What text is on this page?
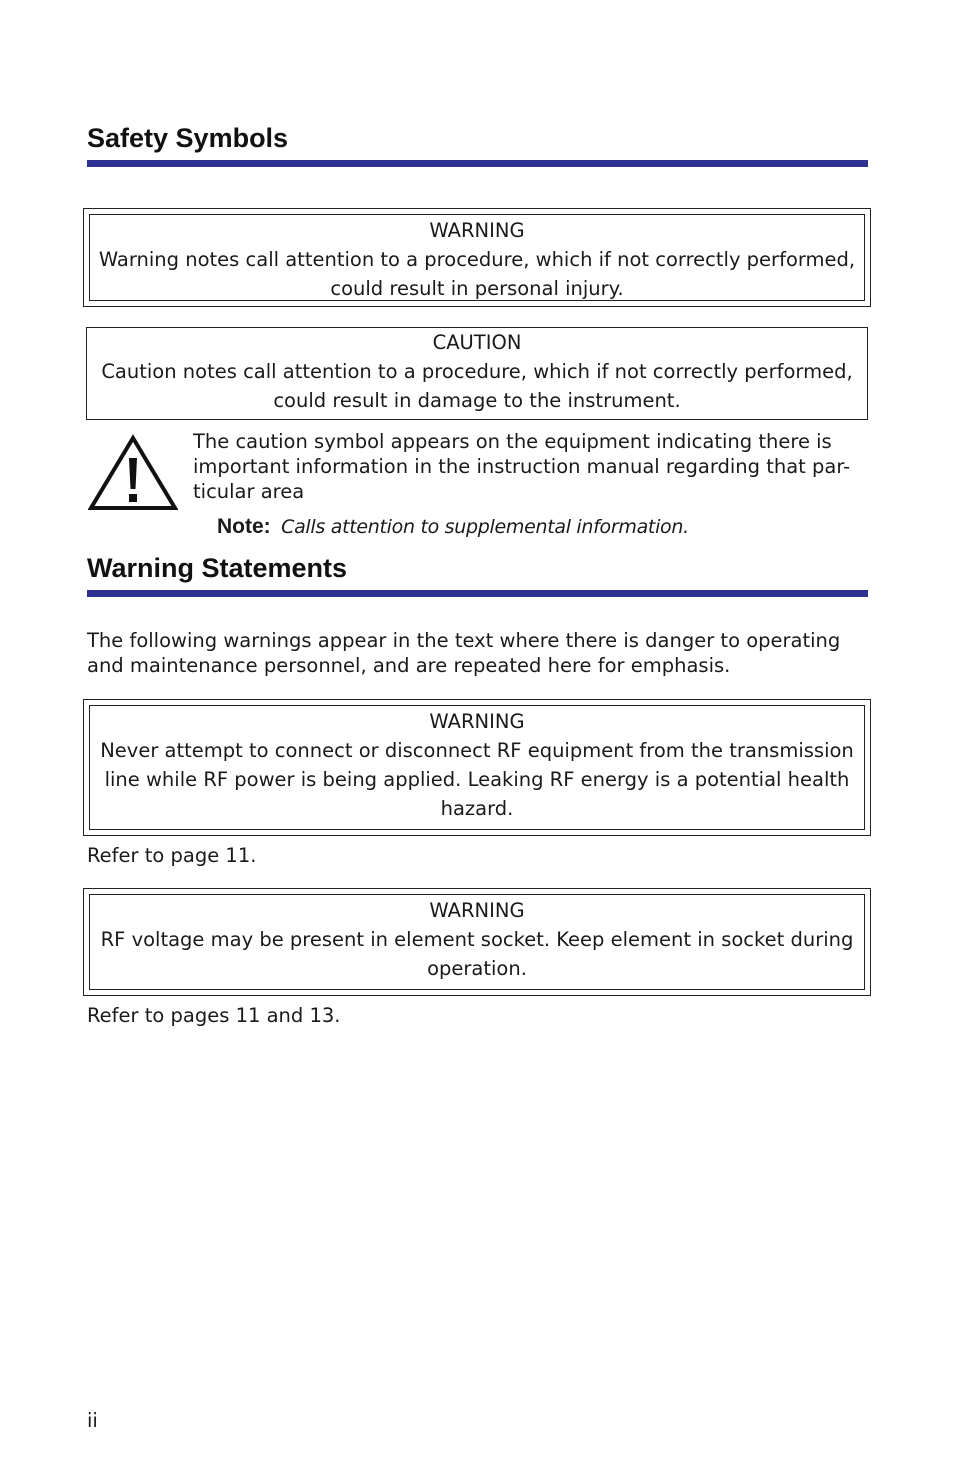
Safety Symbols
WARNING
Warning notes call attention to a procedure, which if not correctly performed,
could result in personal injury.
CAUTION
Caution notes call attention to a procedure, which if not correctly performed,
could result in damage to the instrument.
The caution symbol appears on the equipment indicating there is
important information in the instruction manual regarding that par-
ticular area
Note: Calls attention to supplemental information.
Warning Statements
The following warnings appear in the text where there is danger to operating
and maintenance personnel, and are repeated here for emphasis.
WARNING
Never attempt to connect or disconnect RF equipment from the transmission
line while RF power is being applied. Leaking RF energy is a potential health
hazard.
Refer to page 11.
WARNING
RF voltage may be present in element socket. Keep element in socket during
operation.
Refer to pages 11 and 13.
ii
